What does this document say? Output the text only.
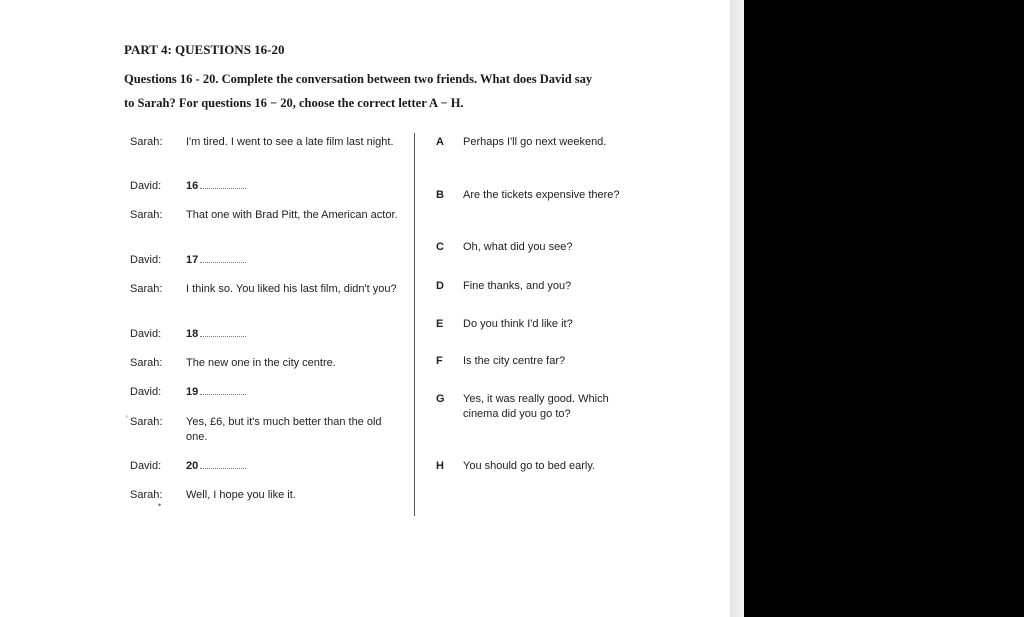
PART 4: QUESTIONS 16-20
Questions 16 - 20. Complete the conversation between two friends. What does David say
to Sarah? For questions 16 − 20, choose the correct letter A − H.
Sarah: I'm tired. I went to see a late film last night.
David: 16
Sarah: That one with Brad Pitt, the American actor.
David: 17
Sarah: I think so. You liked his last film, didn't you?
David: 18
Sarah: The new one in the city centre.
David: 19
' Sarah: Yes, £6, but it's much better than the old one.
David: 20
Sarah: Well, I hope you like it.
•
A Perhaps I'll go next weekend.
B Are the tickets expensive there?
C Oh, what did you see?
D Fine thanks, and you?
E Do you think I'd like it?
F Is the city centre far?
G Yes, it was really good. Which cinema did you go to?
H You should go to bed early.
